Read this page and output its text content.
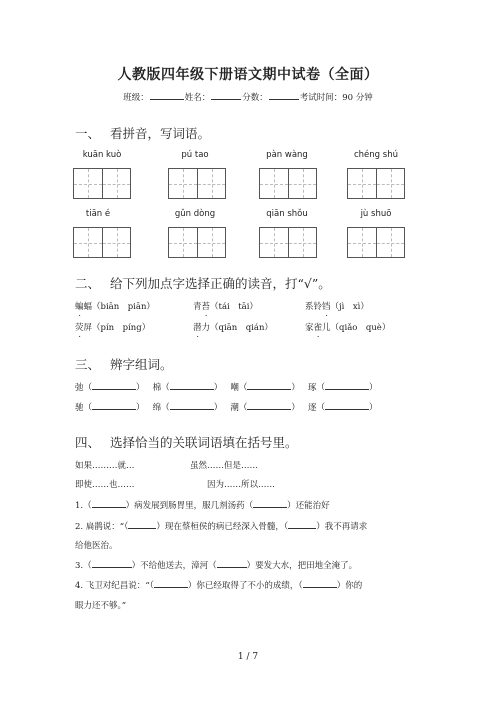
人教版四年级下册语文期中试卷（全面）
班级：	姓名：	分数：	考试时间：90 分钟
一、 看拼音，写词语。
kuān kuò	pú tao	pàn wàng	chéng shú
tiān é	gǔn dòng	qiān shǒu	jù shuō
二、 给下列加点字选择正确的读音，打“√”。
蝙蝠（biān　piān）	青苔（tái　tāi）	系铃铛（jì　xì）
荧屏（pín　píng）	潜力（qiān　qián）	家雀儿（qiǎo　què）
三、 辨字组词。
弛（	） 棉（	） 嘲（	） 琢（	）
驰（	） 绵（	） 潮（	） 逐（	）
四、 选择恰当的关联词语填在括号里。
如果………就…	虽然……但是……
即使……也……	因为……所以……
1.（	）病发展到肠胃里，服几剂汤药（	）还能治好
2. 扁鹊说：“（	）现在蔡桓侯的病已经深入骨髓，（	）我不再请求
给他医治。
3.（	）不给他送去，漳河（	）要发大水，把田地全淹了。
4. 飞卫对纪昌说：“（	）你已经取得了不小的成绩，（	）你的
眼力还不够。”
1 / 7
